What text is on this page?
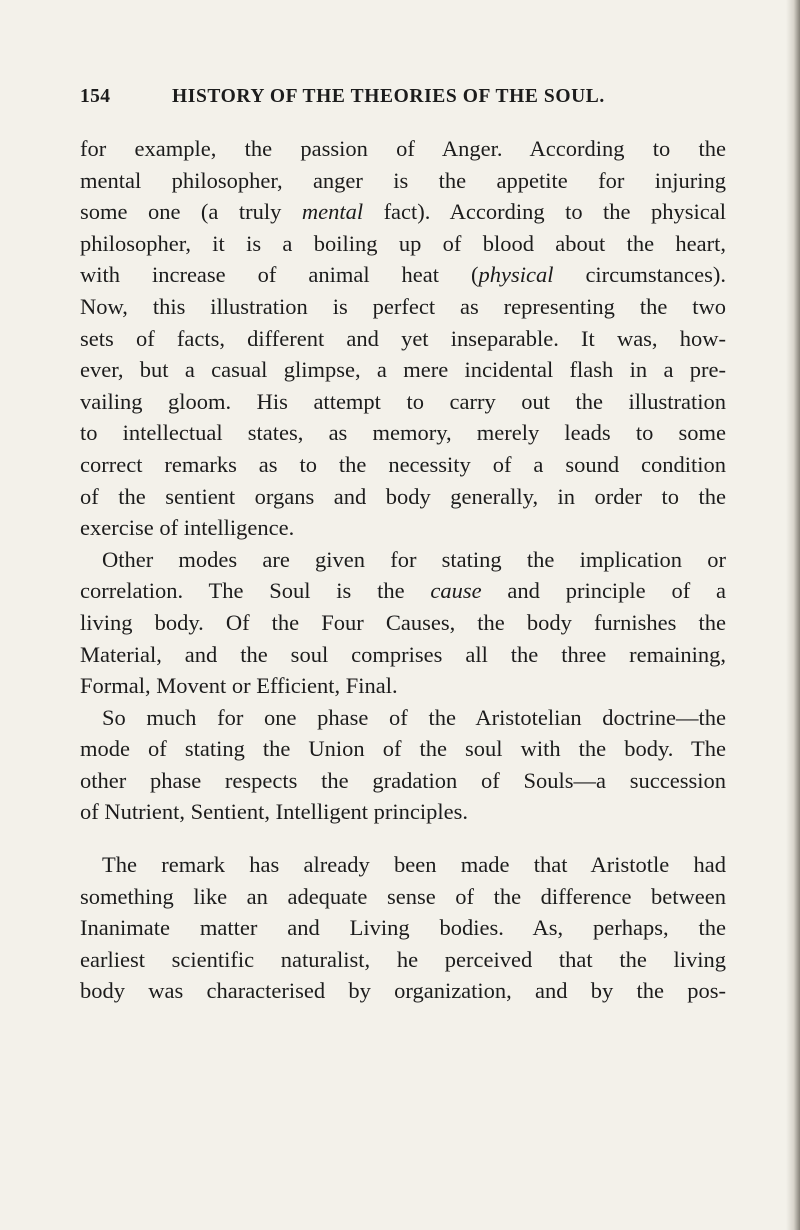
154	HISTORY OF THE THEORIES OF THE SOUL.
for example, the passion of Anger. According to the
mental philosopher, anger is the appetite for injuring
some one (a truly mental fact). According to the physical
philosopher, it is a boiling up of blood about the heart,
with increase of animal heat (physical circumstances).
Now, this illustration is perfect as representing the two
sets of facts, different and yet inseparable. It was, how-
ever, but a casual glimpse, a mere incidental flash in a pre-
vailing gloom. His attempt to carry out the illustration
to intellectual states, as memory, merely leads to some
correct remarks as to the necessity of a sound condition
of the sentient organs and body generally, in order to the
exercise of intelligence.
Other modes are given for stating the implication or
correlation. The Soul is the cause and principle of a
living body. Of the Four Causes, the body furnishes the
Material, and the soul comprises all the three remaining,
Formal, Movent or Efficient, Final.
So much for one phase of the Aristotelian doctrine—the
mode of stating the Union of the soul with the body. The
other phase respects the gradation of Souls—a succession
of Nutrient, Sentient, Intelligent principles.
The remark has already been made that Aristotle had
something like an adequate sense of the difference between
Inanimate matter and Living bodies. As, perhaps, the
earliest scientific naturalist, he perceived that the living
body was characterised by organization, and by the pos-
